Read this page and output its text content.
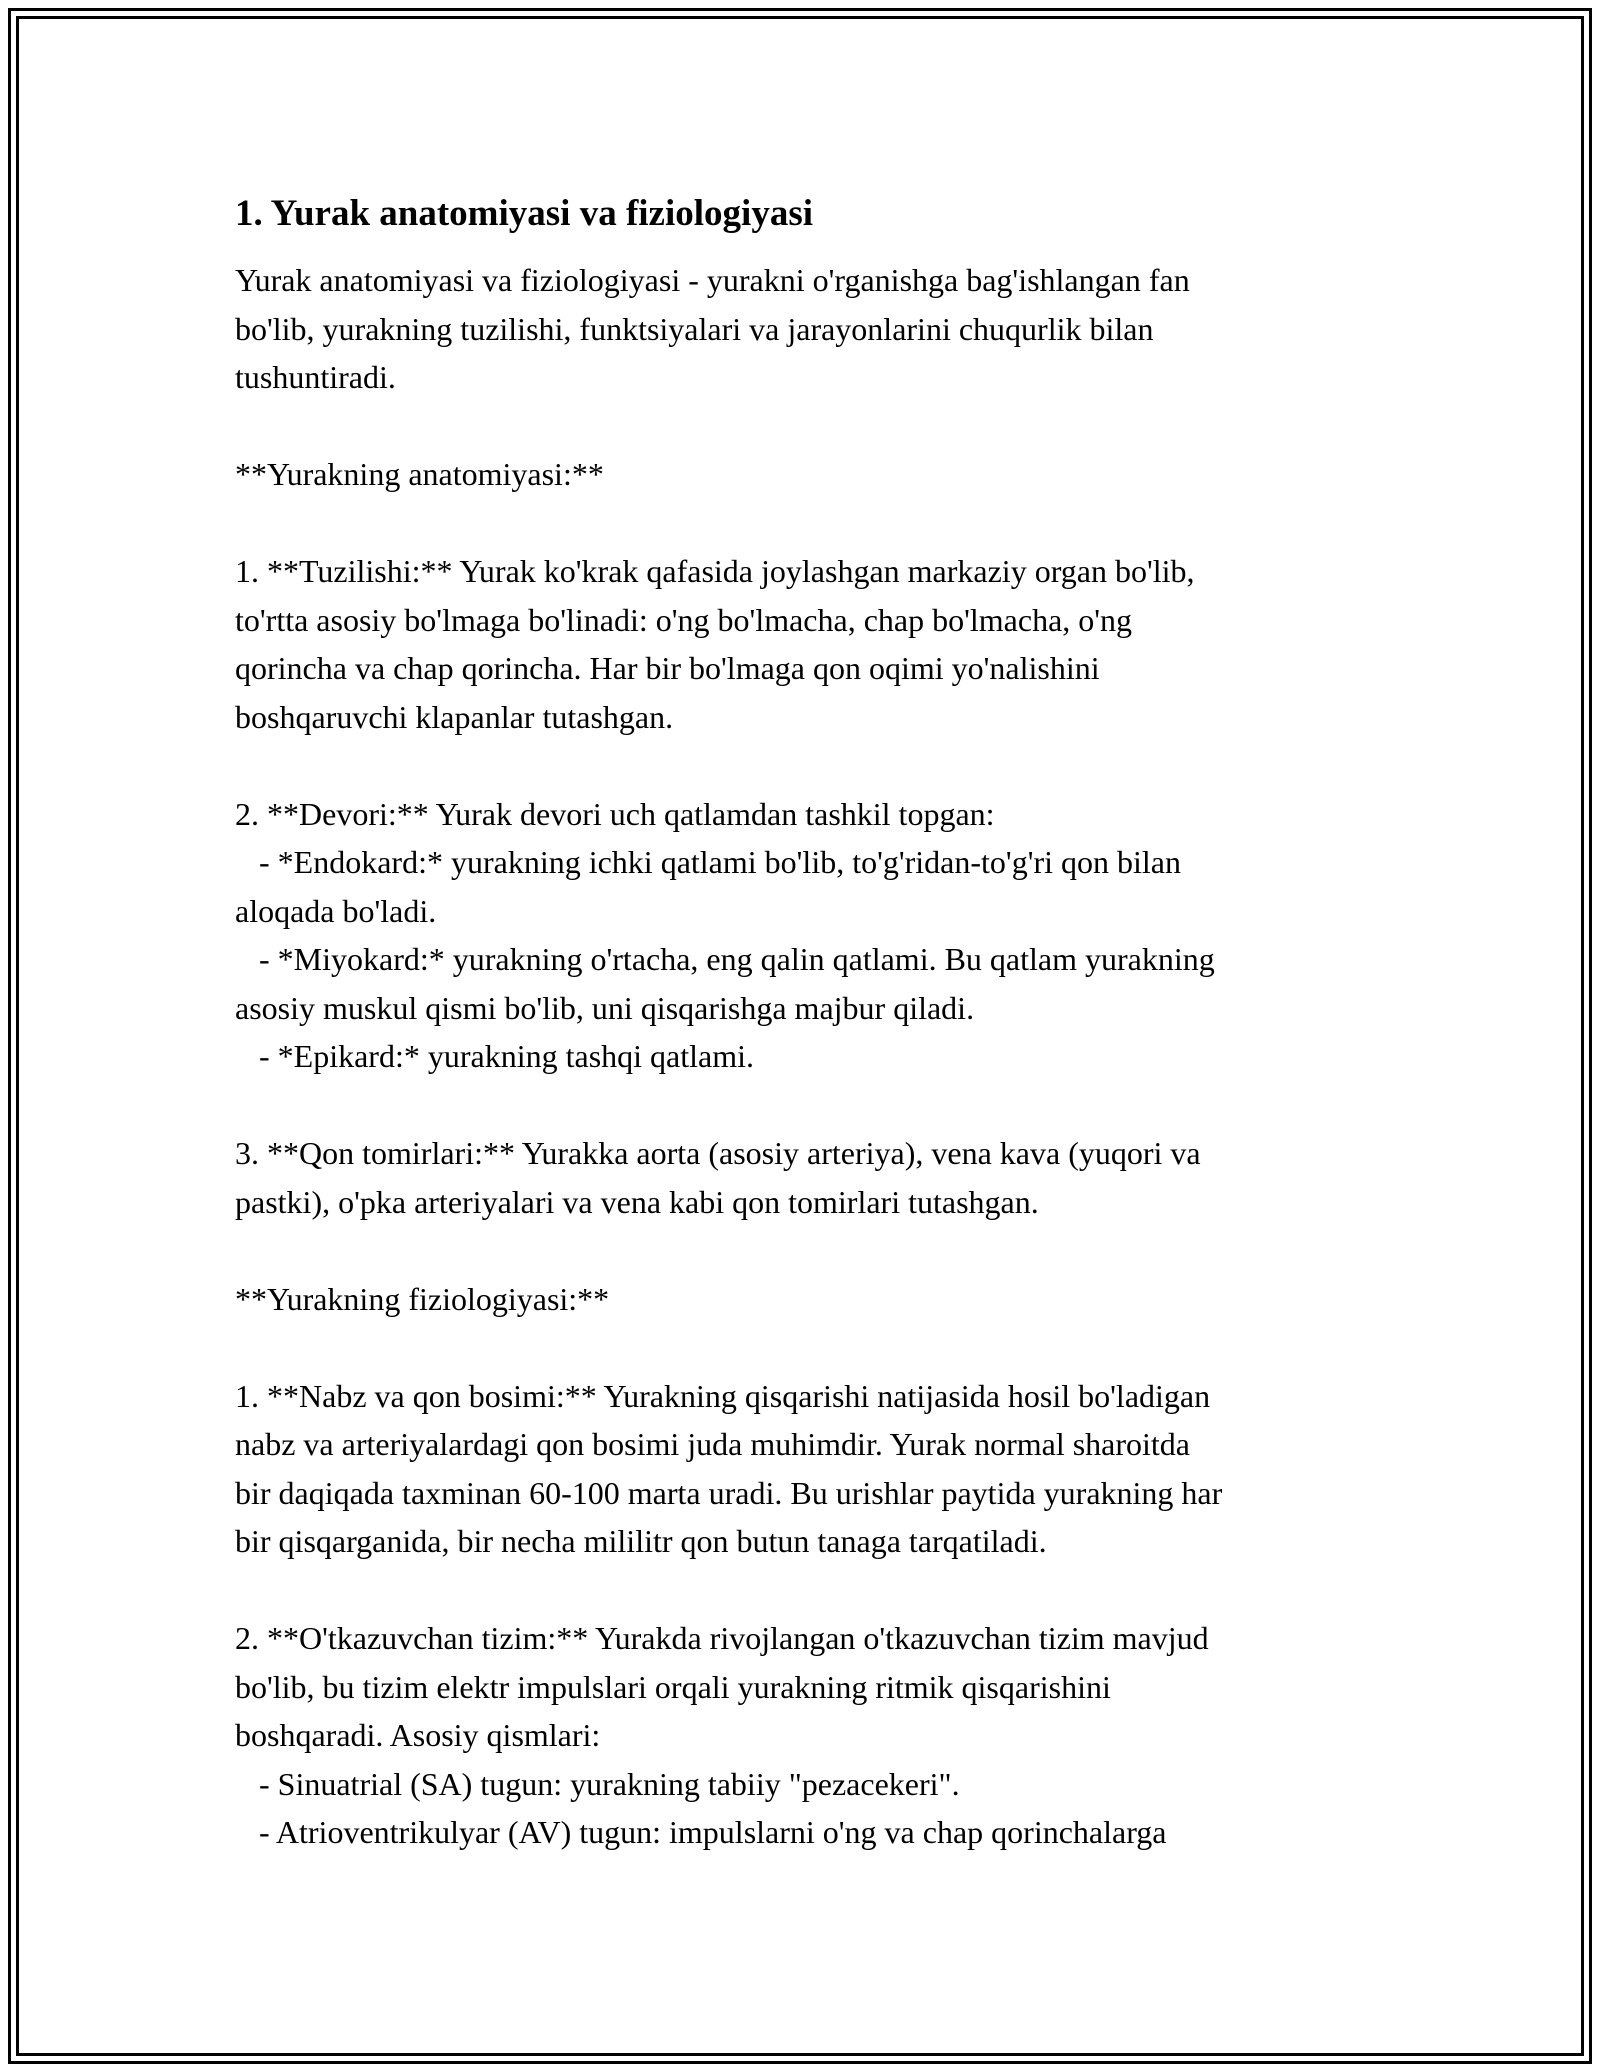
1. Yurak anatomiyasi va fiziologiyasi
Yurak anatomiyasi va fiziologiyasi - yurakni o'rganishga bag'ishlangan fan
bo'lib, yurakning tuzilishi, funktsiyalari va jarayonlarini chuqurlik bilan
tushuntiradi.
**Yurakning anatomiyasi:**
1. **Tuzilishi:** Yurak ko'krak qafasida joylashgan markaziy organ bo'lib,
to'rtta asosiy bo'lmaga bo'linadi: o'ng bo'lmacha, chap bo'lmacha, o'ng
qorincha va chap qorincha. Har bir bo'lmaga qon oqimi yo'nalishini
boshqaruvchi klapanlar tutashgan.
2. **Devori:** Yurak devori uch qatlamdan tashkil topgan:
- *Endokard:* yurakning ichki qatlami bo'lib, to'g'ridan-to'g'ri qon bilan
aloqada bo'ladi.
- *Miyokard:* yurakning o'rtacha, eng qalin qatlami. Bu qatlam yurakning
asosiy muskul qismi bo'lib, uni qisqarishga majbur qiladi.
- *Epikard:* yurakning tashqi qatlami.
3. **Qon tomirlari:** Yurakka aorta (asosiy arteriya), vena kava (yuqori va
pastki), o'pka arteriyalari va vena kabi qon tomirlari tutashgan.
**Yurakning fiziologiyasi:**
1. **Nabz va qon bosimi:** Yurakning qisqarishi natijasida hosil bo'ladigan
nabz va arteriyalardagi qon bosimi juda muhimdir. Yurak normal sharoitda
bir daqiqada taxminan 60-100 marta uradi. Bu urishlar paytida yurakning har
bir qisqarganida, bir necha mililitr qon butun tanaga tarqatiladi.
2. **O'tkazuvchan tizim:** Yurakda rivojlangan o'tkazuvchan tizim mavjud
bo'lib, bu tizim elektr impulslari orqali yurakning ritmik qisqarishini
boshqaradi. Asosiy qismlari:
- Sinuatrial (SA) tugun: yurakning tabiiy "pezacekeri".
- Atrioventrikulyar (AV) tugun: impulslarni o'ng va chap qorinchalarga
